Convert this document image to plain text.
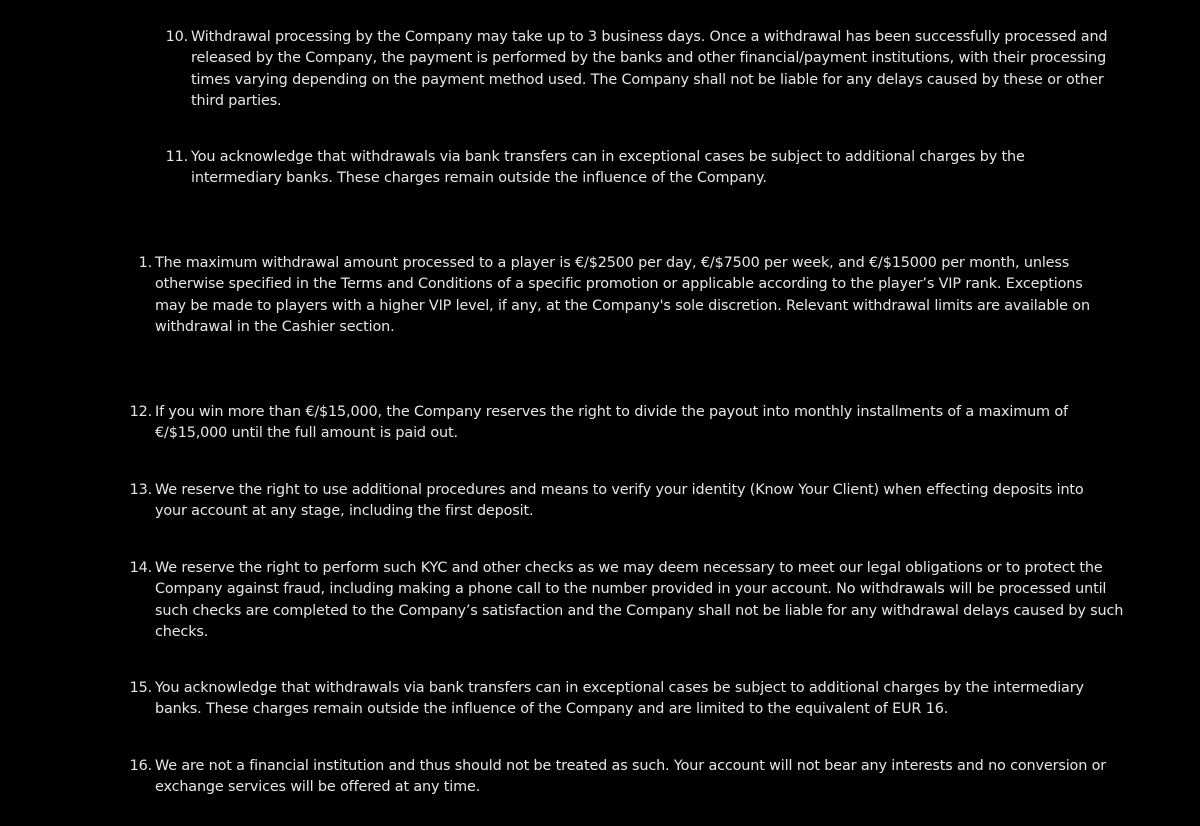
10. Withdrawal processing by the Company may take up to 3 business days. Once a withdrawal has been successfully processed and released by the Company, the payment is performed by the banks and other financial/payment institutions, with their processing times varying depending on the payment method used. The Company shall not be liable for any delays caused by these or other third parties.

11. You acknowledge that withdrawals via bank transfers can in exceptional cases be subject to additional charges by the intermediary banks. These charges remain outside the influence of the Company.

1. The maximum withdrawal amount processed to a player is €/$2500 per day, €/$7500 per week, and €/$15000 per month, unless otherwise specified in the Terms and Conditions of a specific promotion or applicable according to the player’s VIP rank. Exceptions may be made to players with a higher VIP level, if any, at the Company's sole discretion. Relevant withdrawal limits are available on withdrawal in the Cashier section.

12. If you win more than €/$15,000, the Company reserves the right to divide the payout into monthly installments of a maximum of €/$15,000 until the full amount is paid out.

13. We reserve the right to use additional procedures and means to verify your identity (Know Your Client) when effecting deposits into your account at any stage, including the first deposit.

14. We reserve the right to perform such KYC and other checks as we may deem necessary to meet our legal obligations or to protect the Company against fraud, including making a phone call to the number provided in your account. No withdrawals will be processed until such checks are completed to the Company’s satisfaction and the Company shall not be liable for any withdrawal delays caused by such checks.

15. You acknowledge that withdrawals via bank transfers can in exceptional cases be subject to additional charges by the intermediary banks. These charges remain outside the influence of the Company and are limited to the equivalent of EUR 16.

16. We are not a financial institution and thus should not be treated as such. Your account will not bear any interests and no conversion or exchange services will be offered at any time.
